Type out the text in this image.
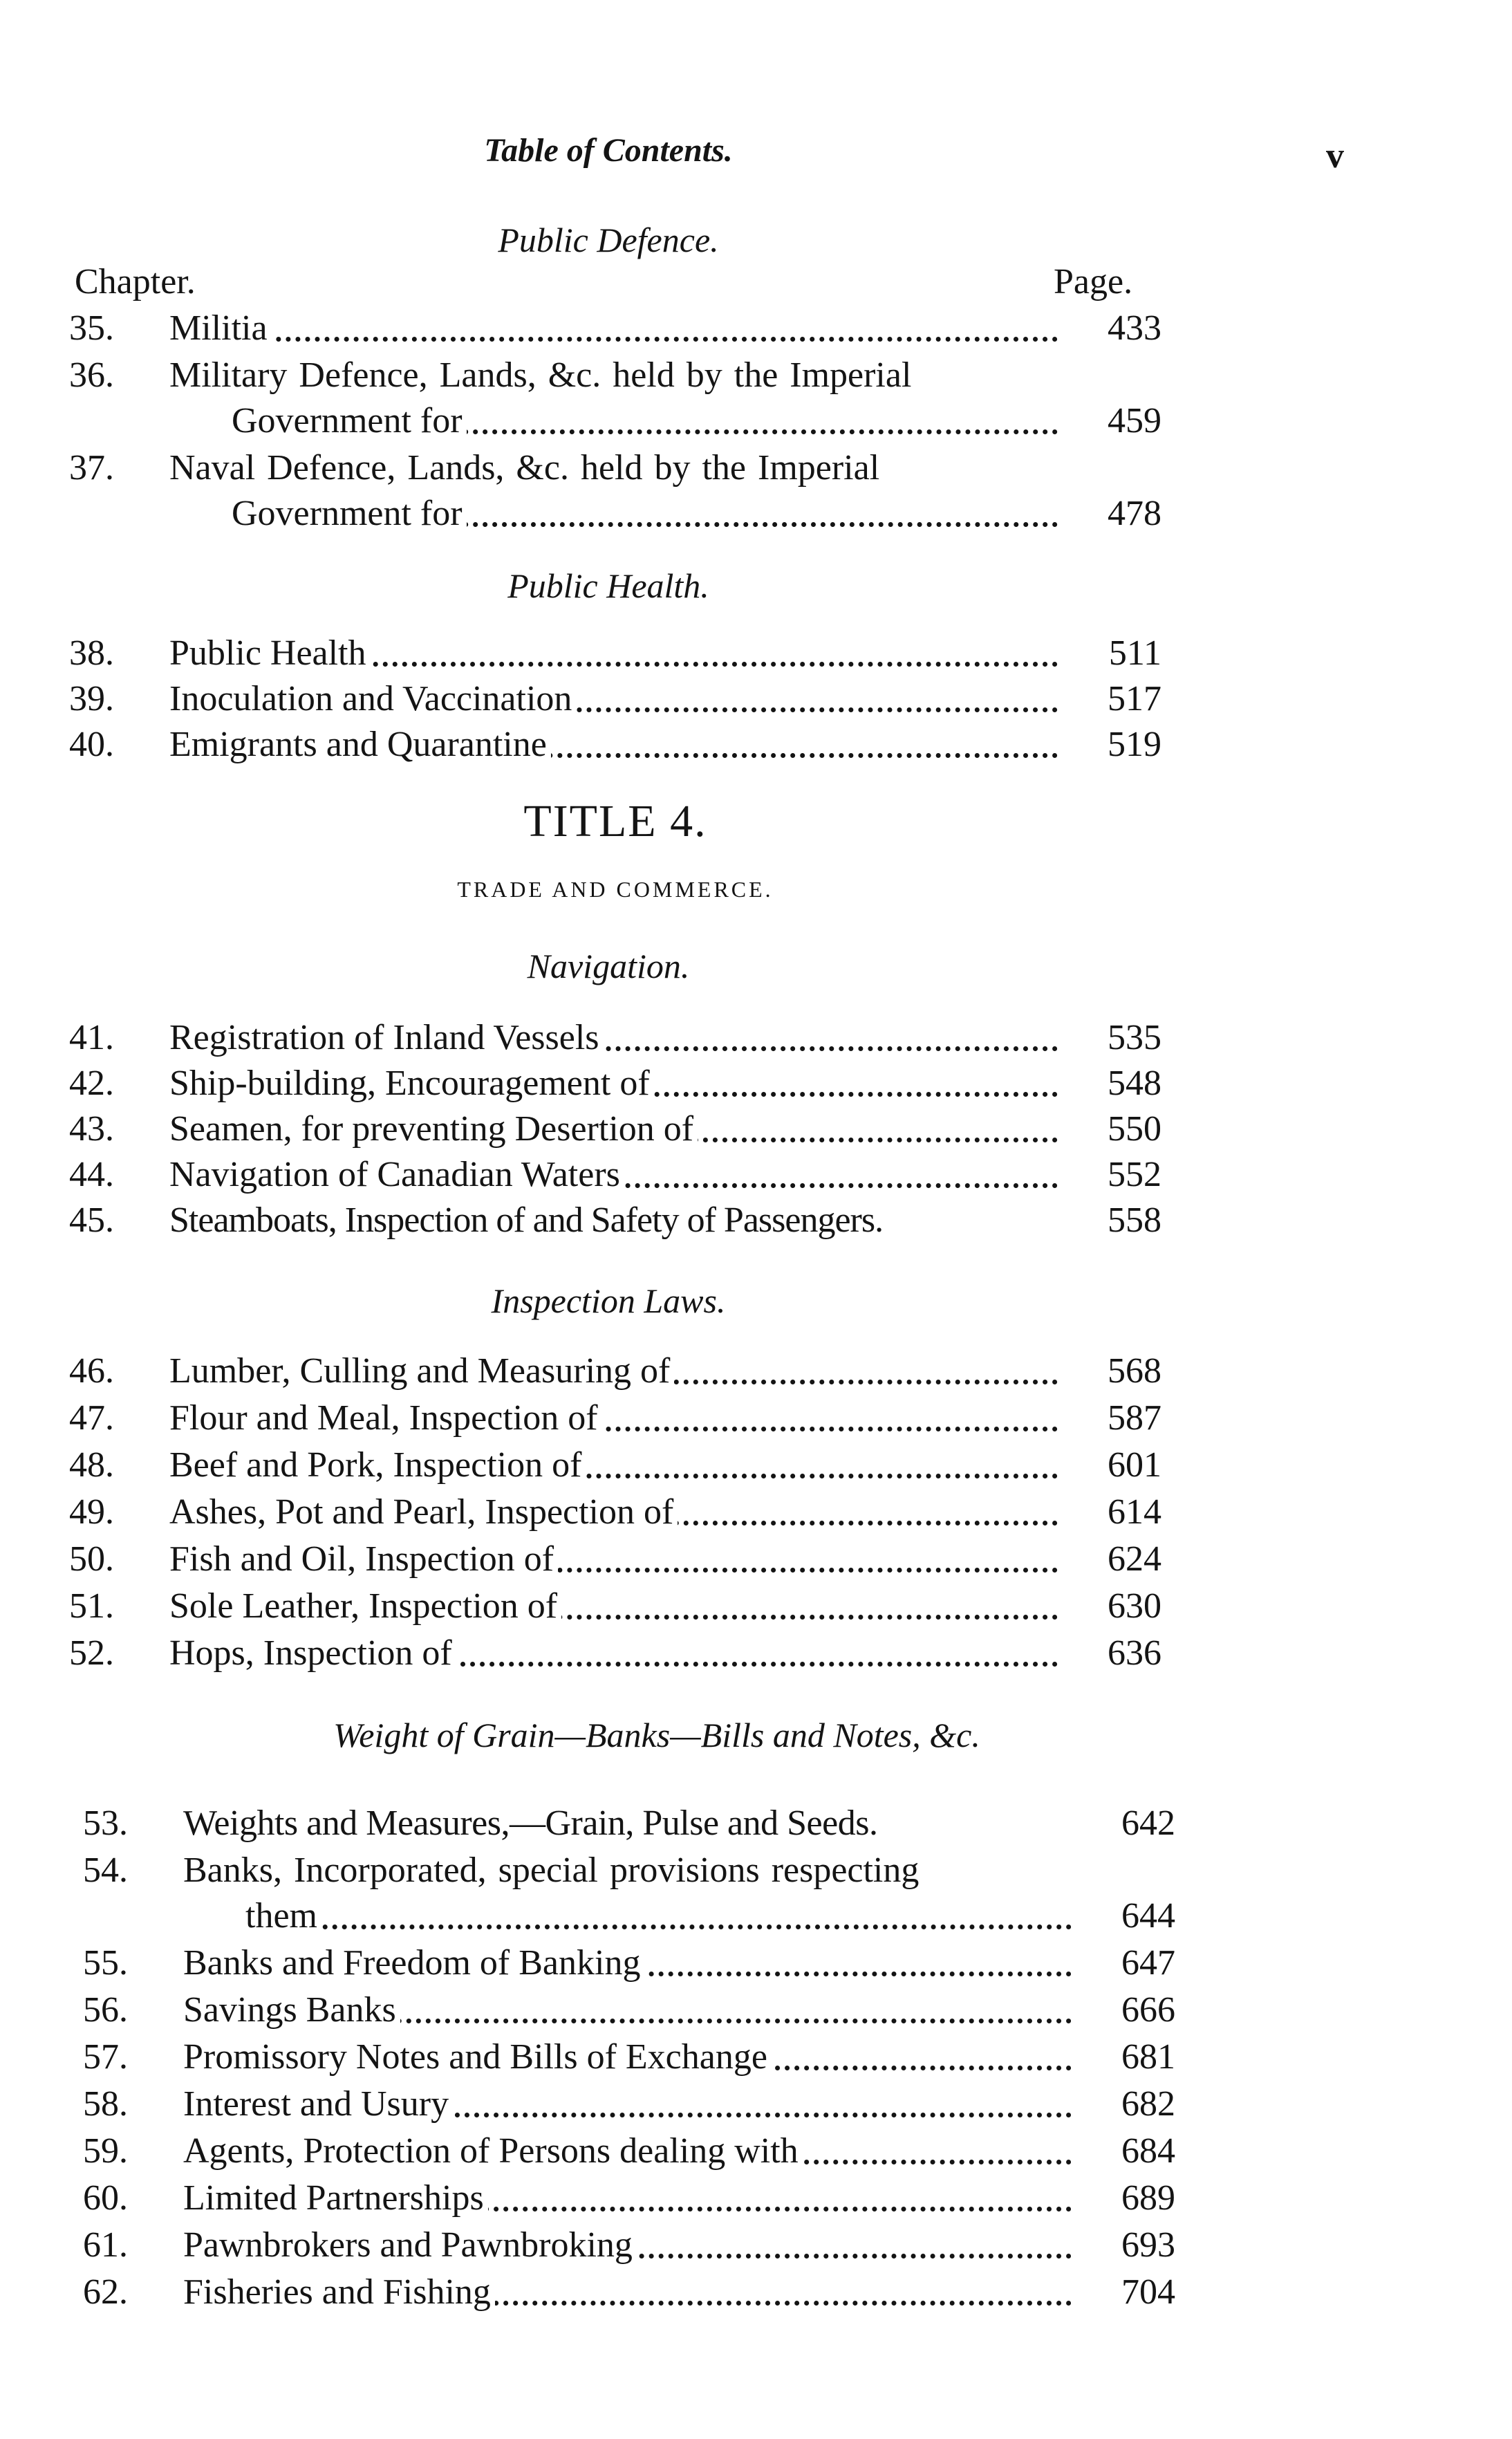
Table of Contents.	v
Public Defence.
Chapter.	Page.
35.	Militia	433
36.	Military Defence, Lands, &c. held by the Imperial
Government for	459
37.	Naval Defence, Lands, &c. held by the Imperial
Government for	478
Public Health.
38.	Public Health	511
39.	Inoculation and Vaccination	517
40.	Emigrants and Quarantine	519
TITLE 4.
TRADE AND COMMERCE.
Navigation.
41.	Registration of Inland Vessels	535
42.	Ship-building, Encouragement of	548
43.	Seamen, for preventing Desertion of	550
44.	Navigation of Canadian Waters	552
45.	Steamboats, Inspection of and Safety of Passengers.	558
Inspection Laws.
46.	Lumber, Culling and Measuring of	568
47.	Flour and Meal, Inspection of	587
48.	Beef and Pork, Inspection of	601
49.	Ashes, Pot and Pearl, Inspection of	614
50.	Fish and Oil, Inspection of	624
51.	Sole Leather, Inspection of	630
52.	Hops, Inspection of	636
Weight of Grain—Banks—Bills and Notes, &c.
53.	Weights and Measures,—Grain, Pulse and Seeds.	642
54.	Banks, Incorporated, special provisions respecting
them	644
55.	Banks and Freedom of Banking	647
56.	Savings Banks	666
57.	Promissory Notes and Bills of Exchange	681
58.	Interest and Usury	682
59.	Agents, Protection of Persons dealing with	684
60.	Limited Partnerships	689
61.	Pawnbrokers and Pawnbroking	693
62.	Fisheries and Fishing	704
